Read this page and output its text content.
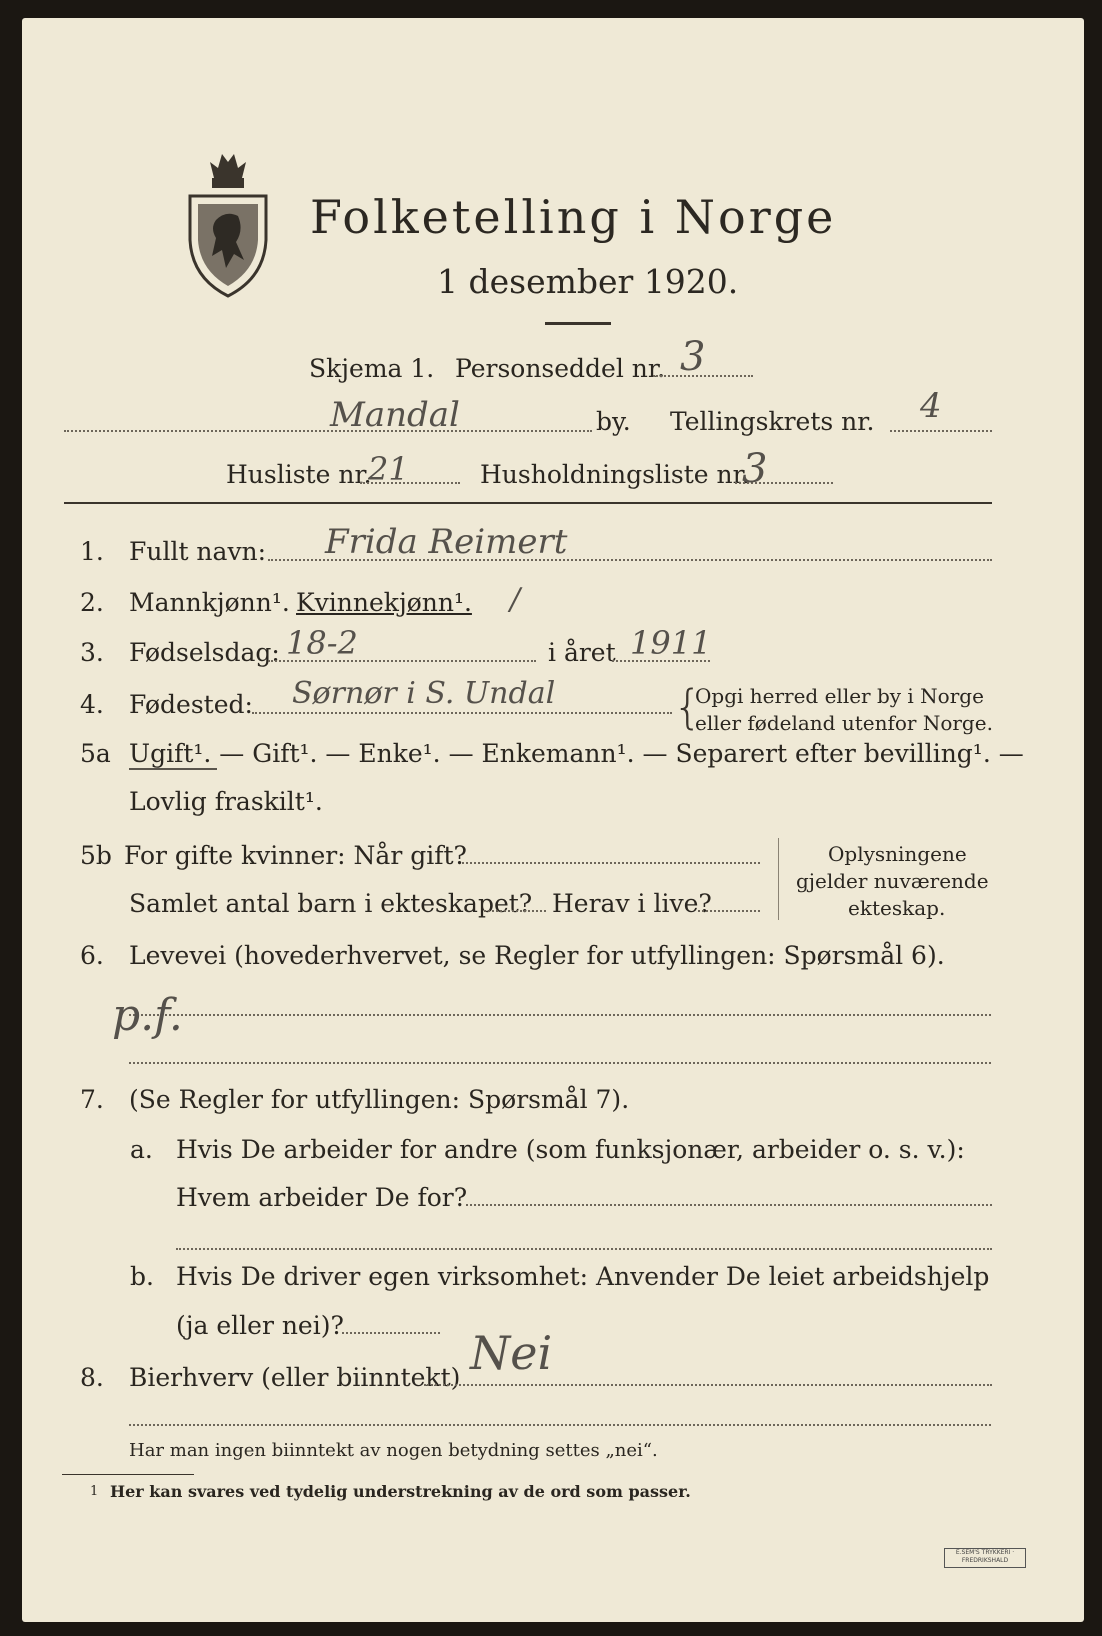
Folketelling i Norge
1 desember 1920.
Skjema 1. Personseddel nr. 3
Mandal	by. Tellingskrets nr. 4
Husliste nr.
21	Husholdningsliste nr.
3
1. Fullt navn: Frida Reimert
2. Mannkjønn¹. Kvinnekjønn¹. /
3. Fødselsdag: 18-2	i året 1911
4. Fødested: Sørnør i S. Undal	{
Opgi herred eller by i Norge
eller fødeland utenfor Norge.
5a Ugift¹. — Gift¹. — Enke¹. — Enkemann¹. — Separert efter bevilling¹. —
Lovlig fraskilt¹.
5b For gifte kvinner: Når gift?
Samlet antal barn i ekteskapet? Herav i live?
Oplysningene
gjelder nuværende
ekteskap.
6. Levevei (hovederhvervet, se Regler for utfyllingen: Spørsmål 6).
p.f.
7. (Se Regler for utfyllingen: Spørsmål 7).
a. Hvis De arbeider for andre (som funksjonær, arbeider o. s. v.):
Hvem arbeider De for?
b. Hvis De driver egen virksomhet: Anvender De leiet arbeidshjelp
(ja eller nei)?
8. Bierhverv (eller biinntekt) Nei
Har man ingen biinntekt av nogen betydning settes „nei“.
1 Her kan svares ved tydelig understrekning av de ord som passer.
E.SEM'S TRYKKERI · FREDRIKSHALD
